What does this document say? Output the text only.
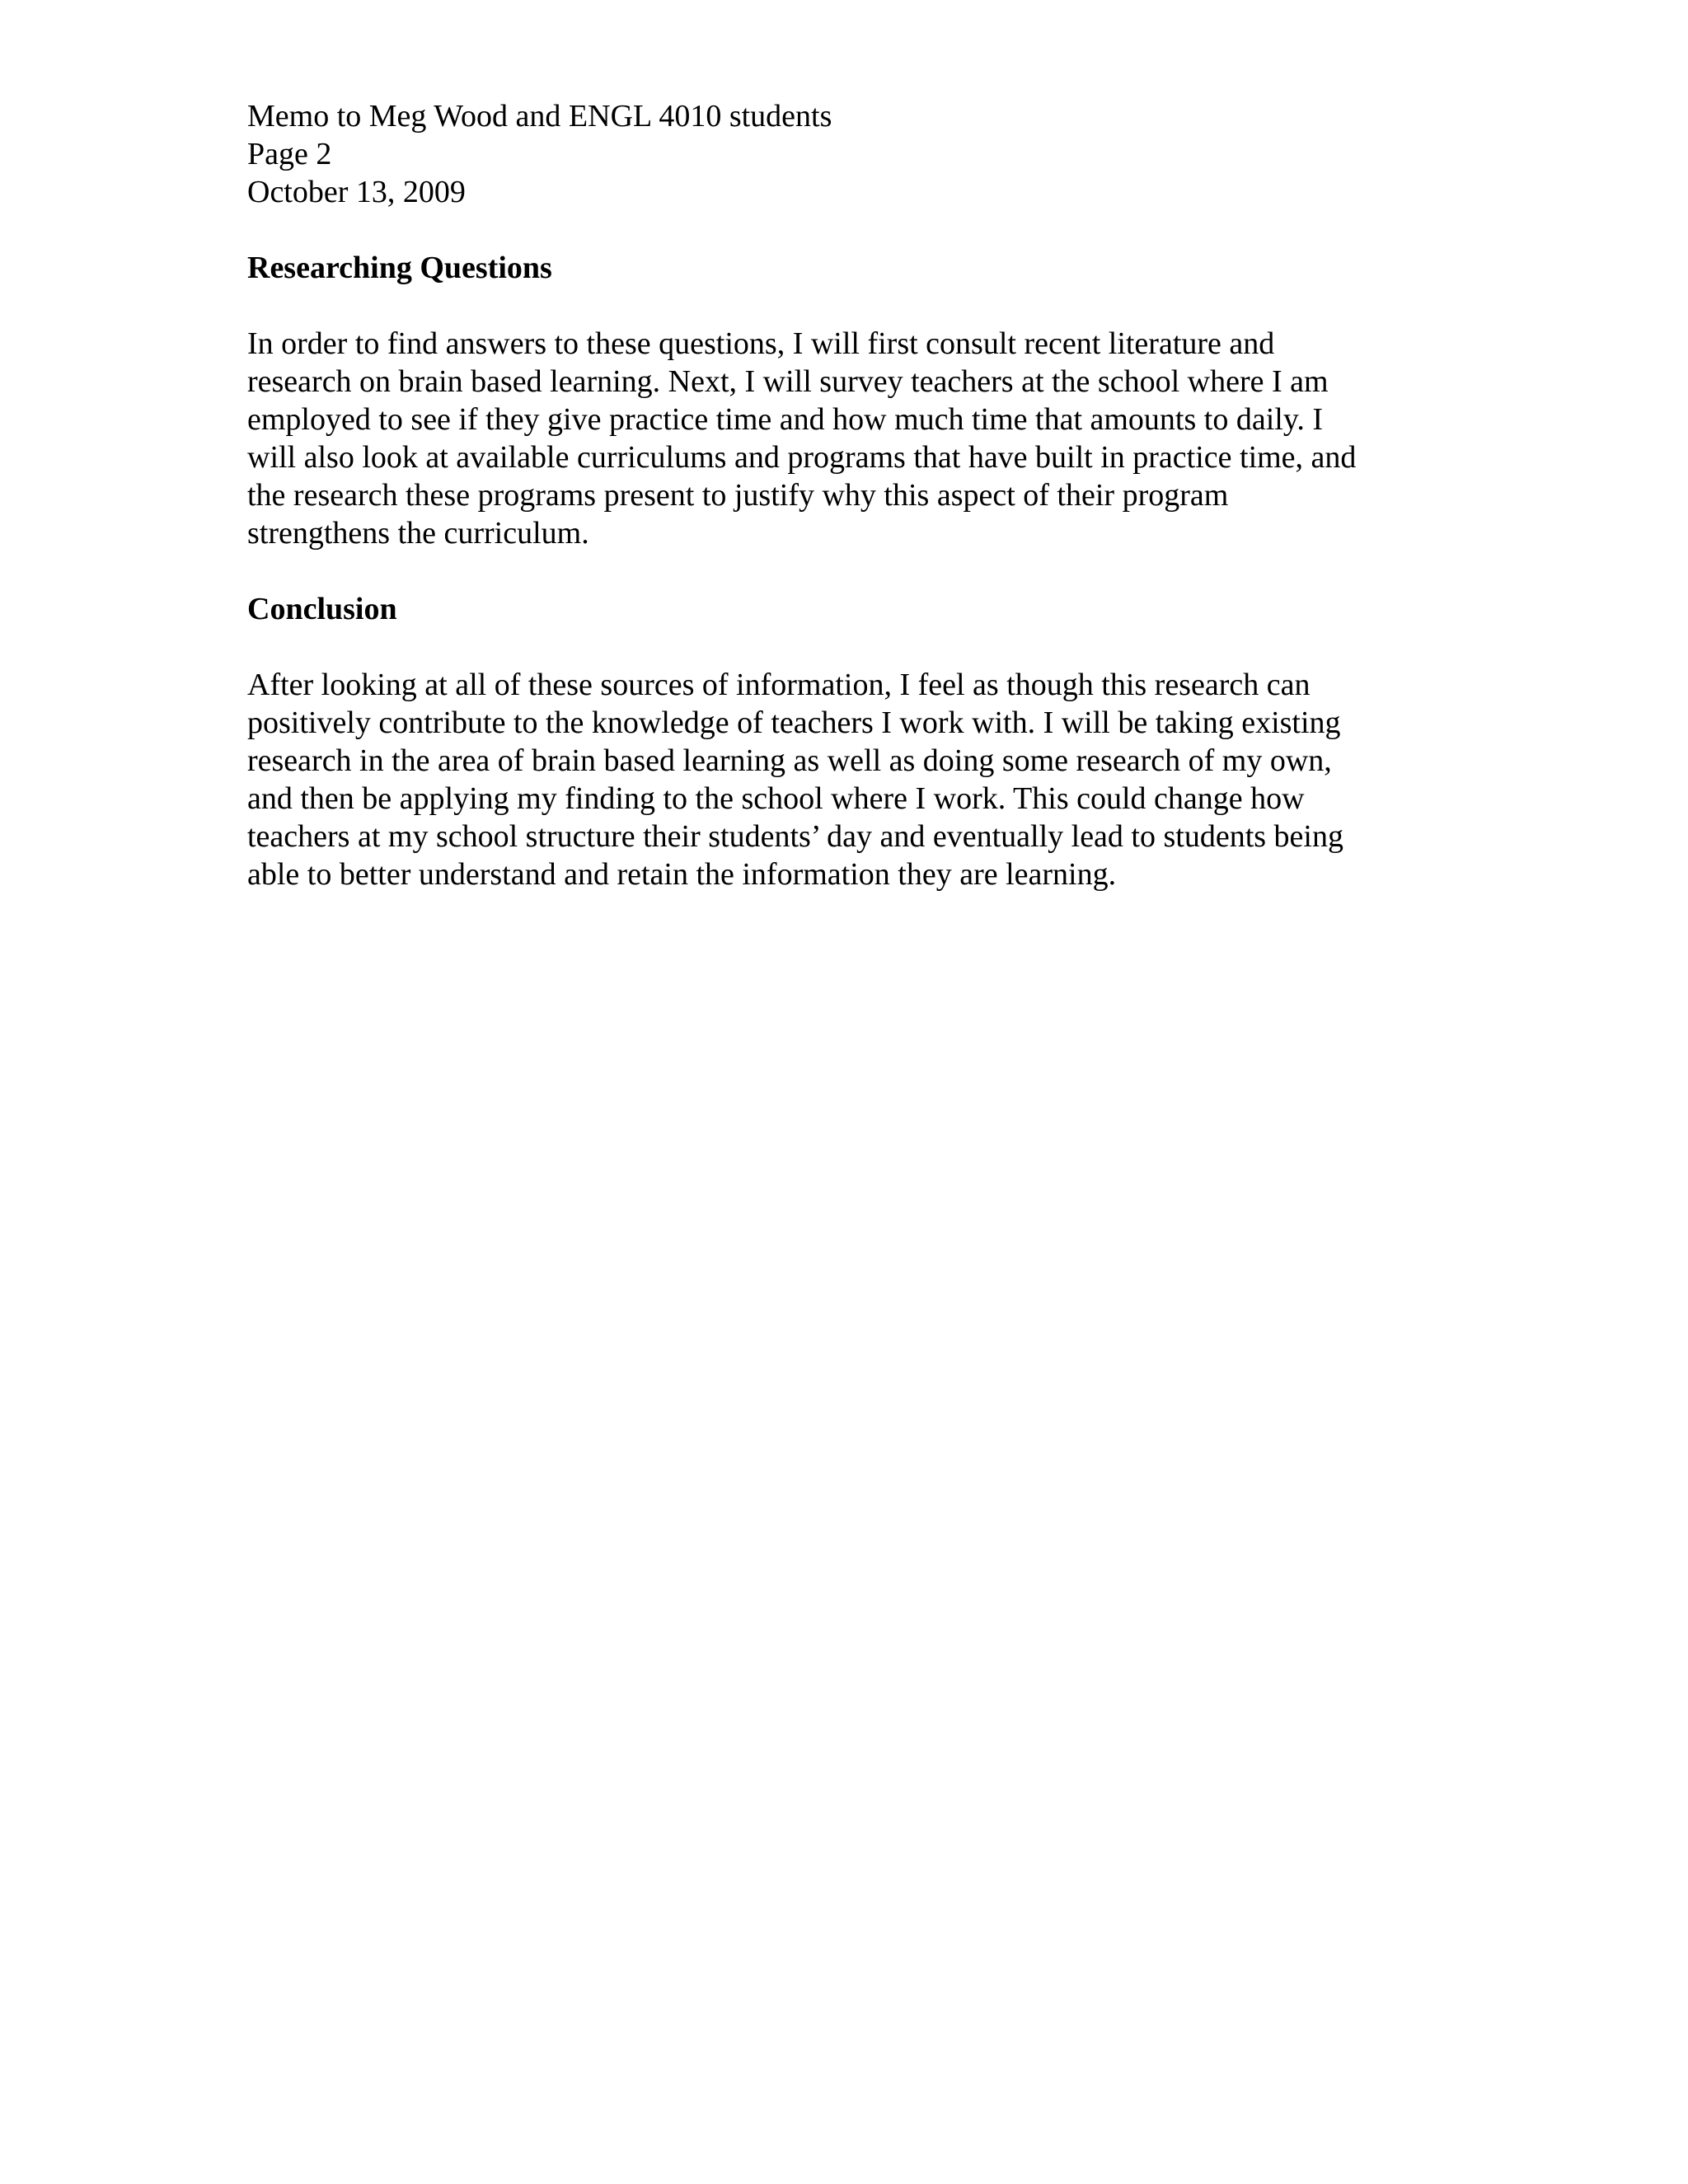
Memo to Meg Wood and ENGL 4010 students

Page 2

October 13, 2009

Researching Questions

In order to find answers to these questions, I will first consult recent literature and

research on brain based learning. Next, I will survey teachers at the school where I am

employed to see if they give practice time and how much time that amounts to daily. I

will also look at available curriculums and programs that have built in practice time, and

the research these programs present to justify why this aspect of their program

strengthens the curriculum.

Conclusion

After looking at all of these sources of information, I feel as though this research can

positively contribute to the knowledge of teachers I work with. I will be taking existing

research in the area of brain based learning as well as doing some research of my own,

and then be applying my finding to the school where I work. This could change how

teachers at my school structure their students’ day and eventually lead to students being

able to better understand and retain the information they are learning.
